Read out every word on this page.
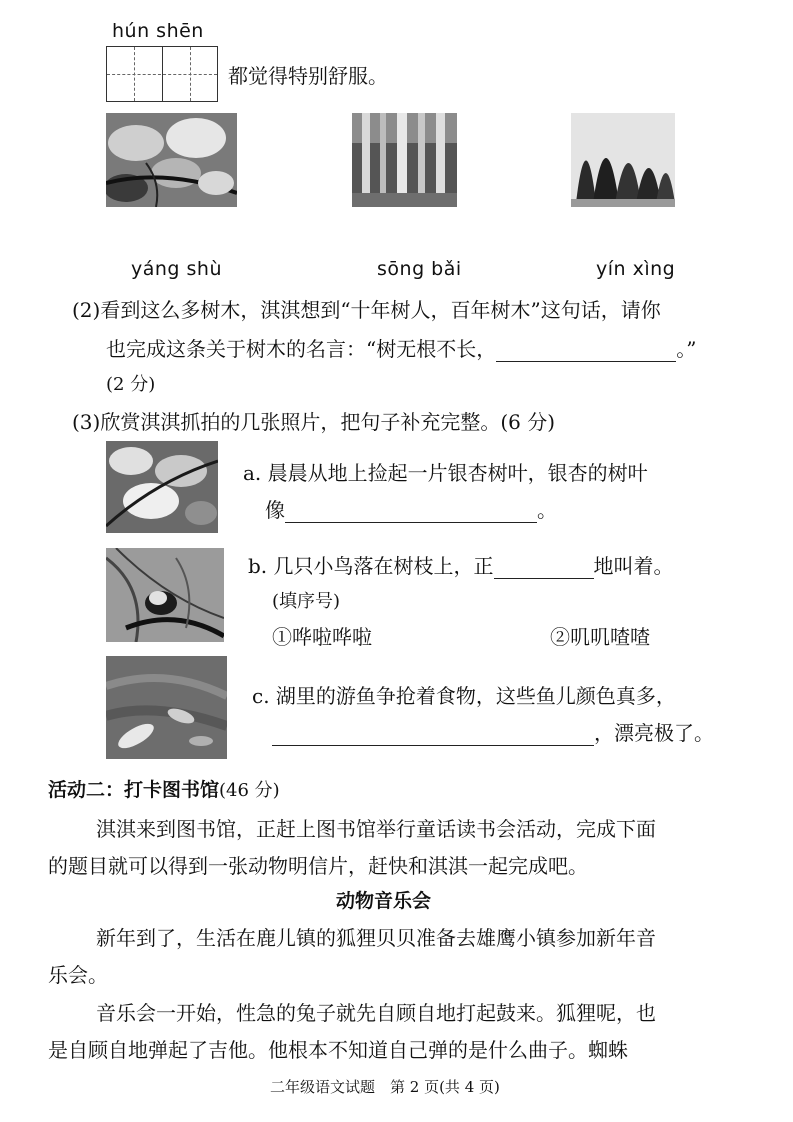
hún shēn
都觉得特别舒服。
yáng shù	sōng bǎi	yín xìng
(2)看到这么多树木，淇淇想到“十年树人，百年树木”这句话，请你
也完成这条关于树木的名言：“树无根不长，	。”
(2 分)
(3)欣赏淇淇抓拍的几张照片，把句子补充完整。(6 分)
a. 晨晨从地上捡起一片银杏树叶，银杏的树叶
像	。
b. 几只小鸟落在树枝上，正	地叫着。
(填序号)
①哗啦哗啦	②叽叽喳喳
c. 湖里的游鱼争抢着食物，这些鱼儿颜色真多，
，漂亮极了。
活动二：打卡图书馆(46 分)
淇淇来到图书馆，正赶上图书馆举行童话读书会活动，完成下面
的题目就可以得到一张动物明信片，赶快和淇淇一起完成吧。
动物音乐会
新年到了，生活在鹿儿镇的狐狸贝贝准备去雄鹰小镇参加新年音
乐会。
音乐会一开始，性急的兔子就先自顾自地打起鼓来。狐狸呢，也
是自顾自地弹起了吉他。他根本不知道自己弹的是什么曲子。蜘蛛
二年级语文试题　第 2 页(共 4 页)
